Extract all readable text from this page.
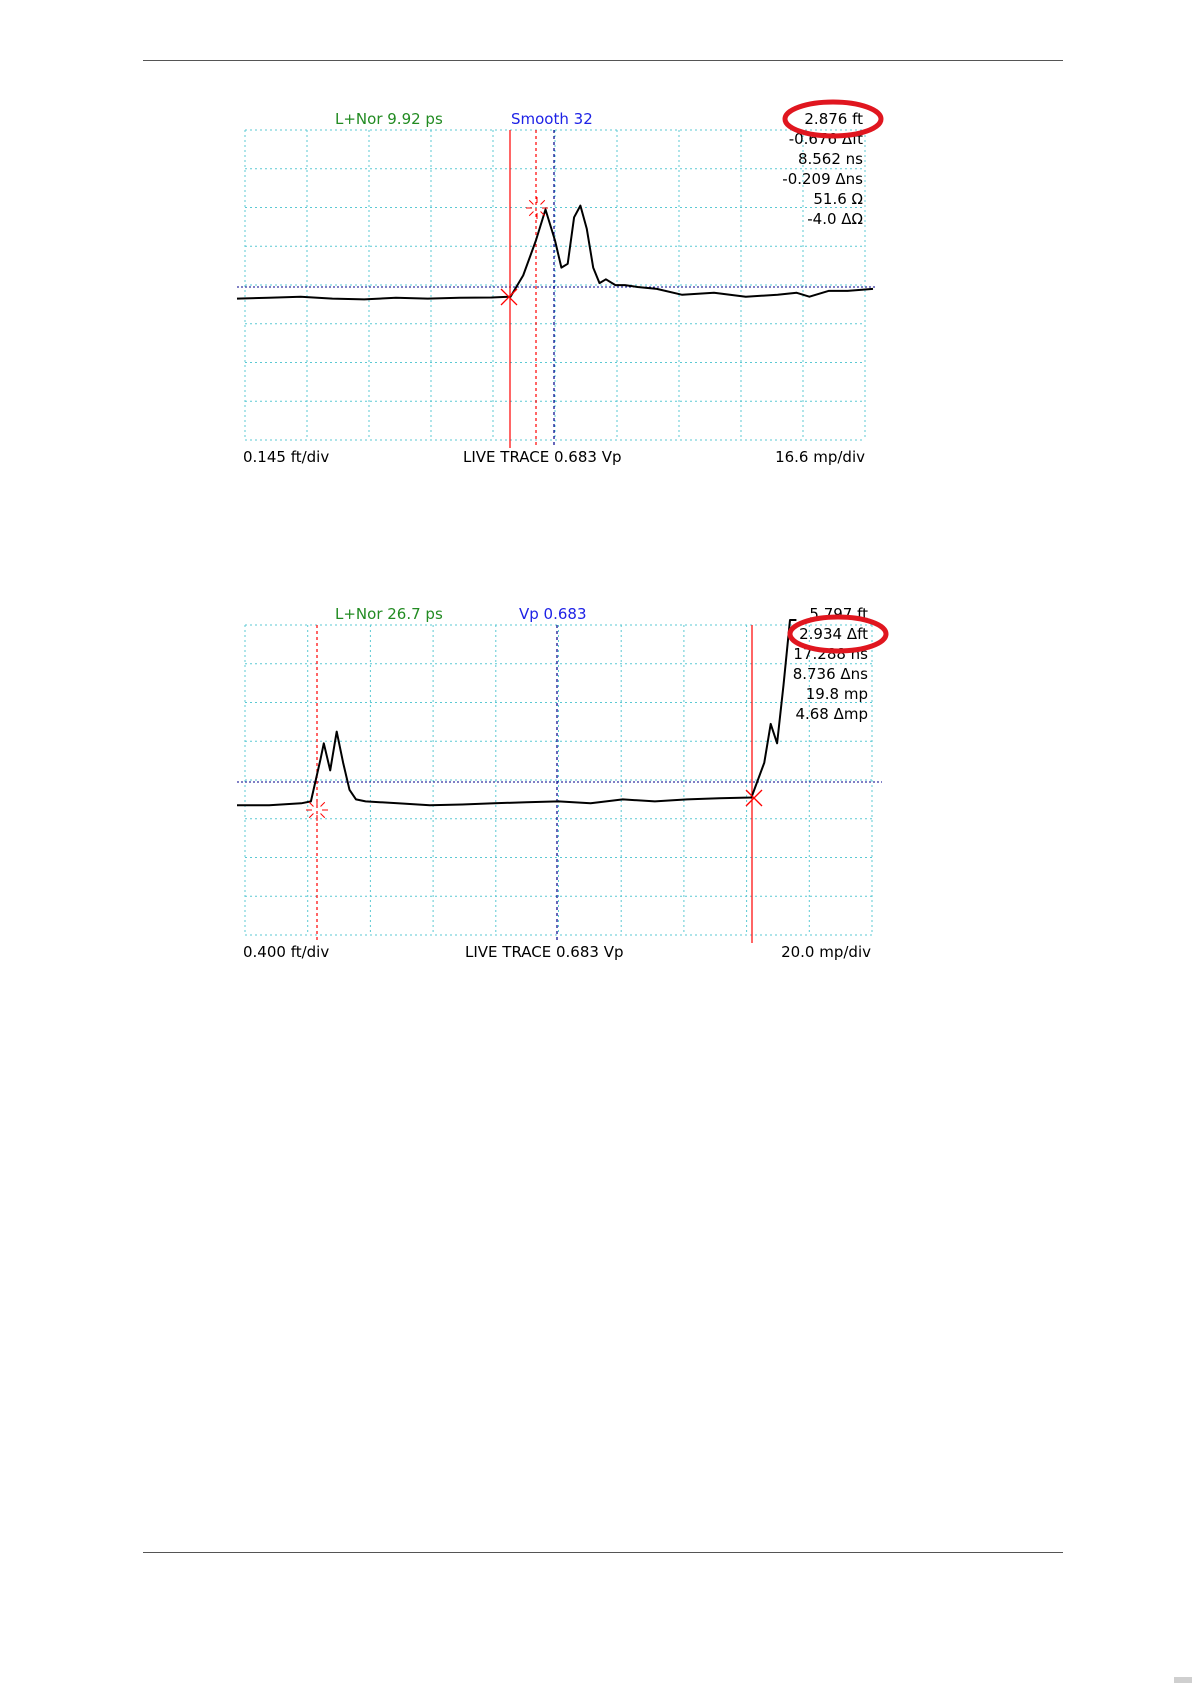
L+Nor 9.92 ps	Smooth 32	2.876 ft
-0.676 Δft
8.562 ns
-0.209 Δns
51.6 Ω
-4.0 ΔΩ
0.145 ft/div	LIVE TRACE 0.683 Vp	16.6 mp/div
L+Nor 26.7 ps	Vp 0.683	5.797 ft
2.934 Δft
17.288 ns
8.736 Δns
19.8 mp
4.68 Δmp
0.400 ft/div	LIVE TRACE 0.683 Vp	20.0 mp/div
